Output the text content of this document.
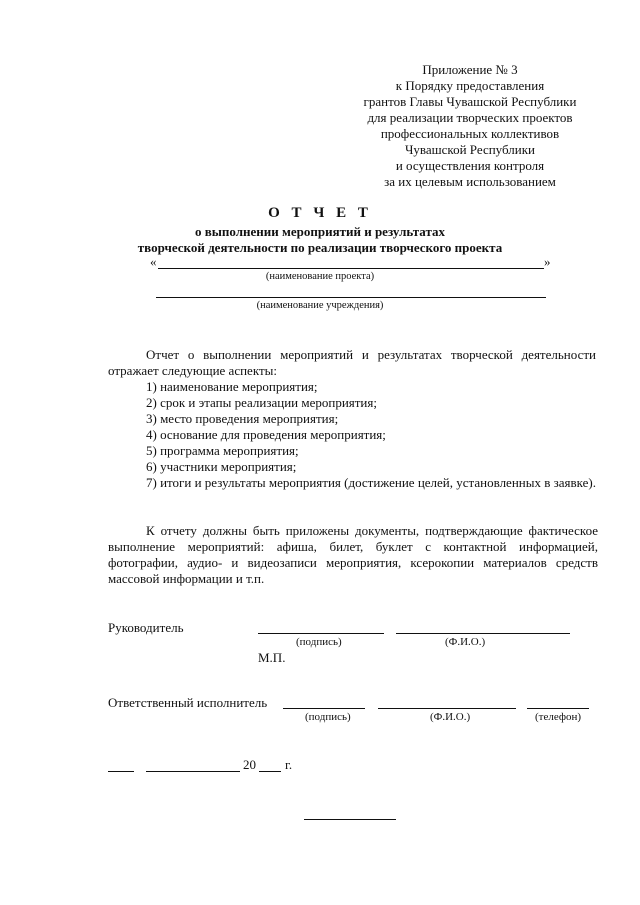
Приложение № 3
к Порядку предоставления
грантов Главы Чувашской Республики
для реализации творческих проектов
профессиональных коллективов
Чувашской Республики
и осуществления контроля
за их целевым использованием
О Т Ч Е Т
о выполнении мероприятий и результатах
творческой деятельности по реализации творческого проекта
«	»
(наименование проекта)
(наименование учреждения)
Отчет о выполнении мероприятий и результатах творческой деятельности отражает следующие аспекты:
1) наименование мероприятия;
2) срок и этапы реализации мероприятия;
3) место проведения мероприятия;
4) основание для проведения мероприятия;
5) программа мероприятия;
6) участники мероприятия;
7) итоги и результаты мероприятия (достижение целей, установленных в заявке).
К отчету должны быть приложены документы, подтверждающие фактическое выполнение мероприятий: афиша, билет, буклет с контактной информацией, фотографии, аудио- и видеозаписи мероприятия, ксерокопии материалов средств массовой информации и т.п.
Руководитель
(подпись)	(Ф.И.О.)
М.П.
Ответственный исполнитель
(подпись)	(Ф.И.О.)	(телефон)
20 г.
